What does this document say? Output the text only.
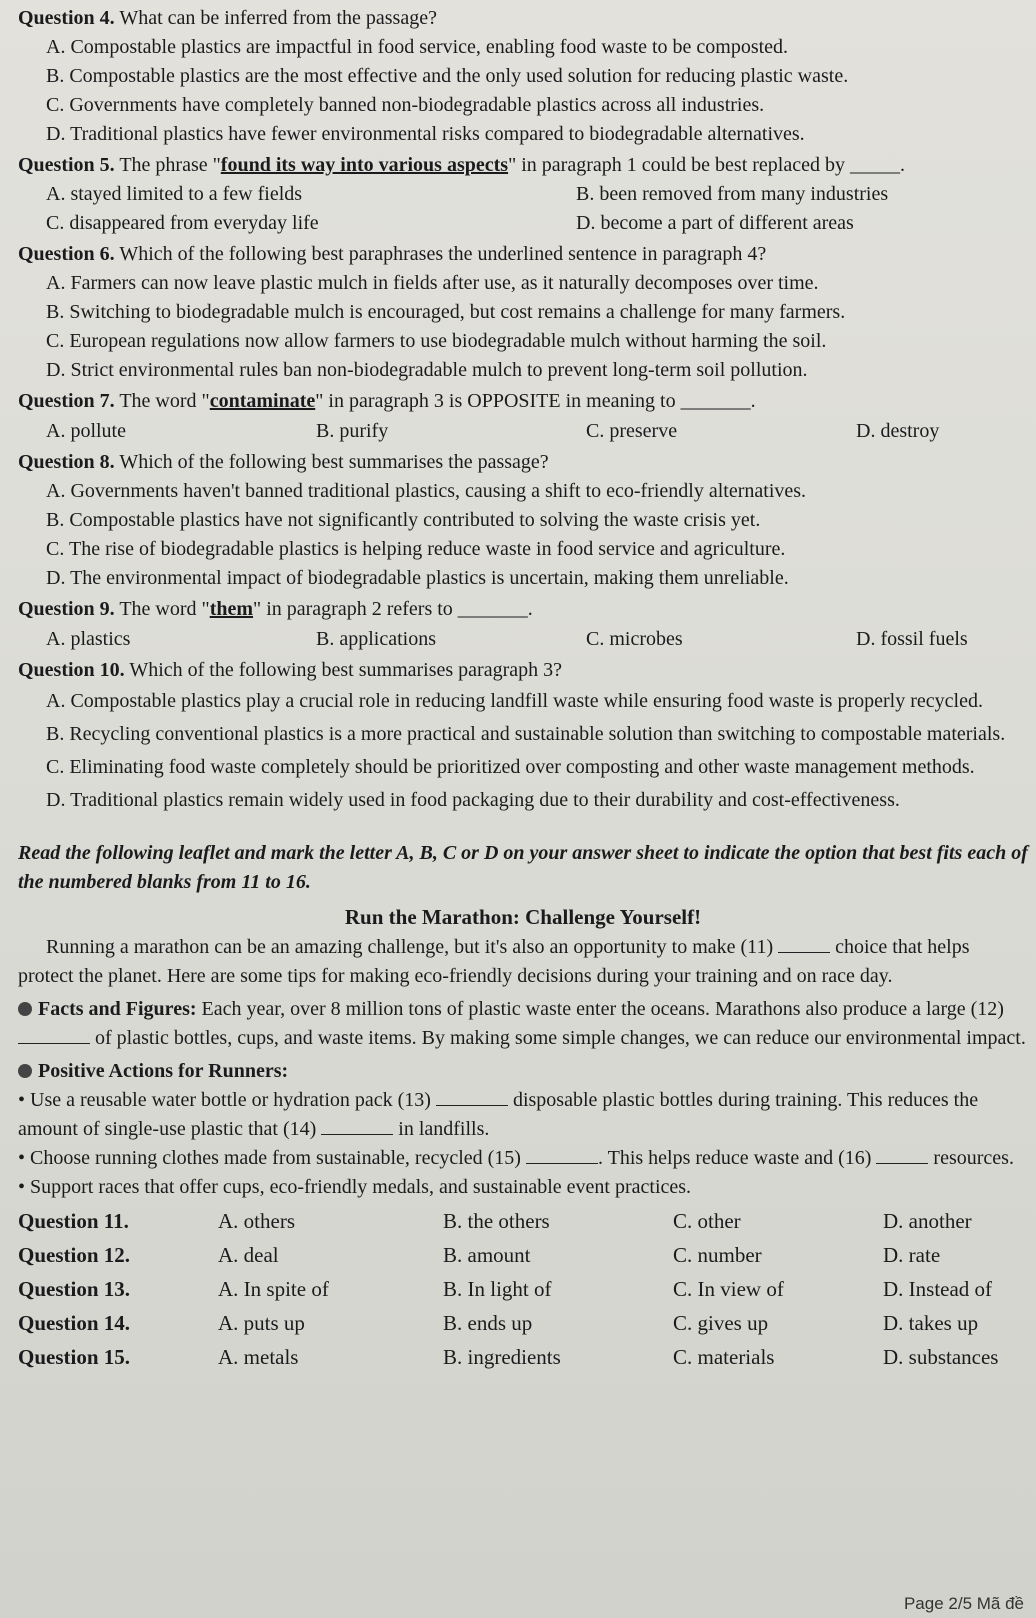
Question 4. What can be inferred from the passage?
A. Compostable plastics are impactful in food service, enabling food waste to be composted.
B. Compostable plastics are the most effective and the only used solution for reducing plastic waste.
C. Governments have completely banned non-biodegradable plastics across all industries.
D. Traditional plastics have fewer environmental risks compared to biodegradable alternatives.
Question 5. The phrase "found its way into various aspects" in paragraph 1 could be best replaced by _____.
A. stayed limited to a few fields	B. been removed from many industries
C. disappeared from everyday life	D. become a part of different areas
Question 6. Which of the following best paraphrases the underlined sentence in paragraph 4?
A. Farmers can now leave plastic mulch in fields after use, as it naturally decomposes over time.
B. Switching to biodegradable mulch is encouraged, but cost remains a challenge for many farmers.
C. European regulations now allow farmers to use biodegradable mulch without harming the soil.
D. Strict environmental rules ban non-biodegradable mulch to prevent long-term soil pollution.
Question 7. The word "contaminate" in paragraph 3 is OPPOSITE in meaning to _______.
A. pollute	B. purify	C. preserve	D. destroy
Question 8. Which of the following best summarises the passage?
A. Governments haven't banned traditional plastics, causing a shift to eco-friendly alternatives.
B. Compostable plastics have not significantly contributed to solving the waste crisis yet.
C. The rise of biodegradable plastics is helping reduce waste in food service and agriculture.
D. The environmental impact of biodegradable plastics is uncertain, making them unreliable.
Question 9. The word "them" in paragraph 2 refers to _______.
A. plastics	B. applications	C. microbes	D. fossil fuels
Question 10. Which of the following best summarises paragraph 3?
A. Compostable plastics play a crucial role in reducing landfill waste while ensuring food waste is properly recycled.
B. Recycling conventional plastics is a more practical and sustainable solution than switching to compostable materials.
C. Eliminating food waste completely should be prioritized over composting and other waste management methods.
D. Traditional plastics remain widely used in food packaging due to their durability and cost-effectiveness.
Read the following leaflet and mark the letter A, B, C or D on your answer sheet to indicate the option that best fits each of the numbered blanks from 11 to 16.
Run the Marathon: Challenge Yourself!
Running a marathon can be an amazing challenge, but it's also an opportunity to make (11)	choice that helps protect the planet. Here are some tips for making eco-friendly decisions during your training and on race day.
Facts and Figures: Each year, over 8 million tons of plastic waste enter the oceans. Marathons also produce a large (12)  of plastic bottles, cups, and waste items. By making some simple changes, we can reduce our environmental impact.
Positive Actions for Runners:
• Use a reusable water bottle or hydration pack (13)	disposable plastic bottles during training. This reduces the amount of single-use plastic that (14)	in landfills.
• Choose running clothes made from sustainable, recycled (15)	. This helps reduce waste and (16)	resources.
• Support races that offer cups, eco-friendly medals, and sustainable event practices.
Question 11.	A. others	B. the others	C. other	D. another
Question 12.	A. deal	B. amount	C. number	D. rate
Question 13.	A. In spite of	B. In light of	C. In view of	D. Instead of
Question 14.	A. puts up	B. ends up	C. gives up	D. takes up
Question 15.	A. metals	B. ingredients	C. materials	D. substances
Page 2/5 Mã đề
